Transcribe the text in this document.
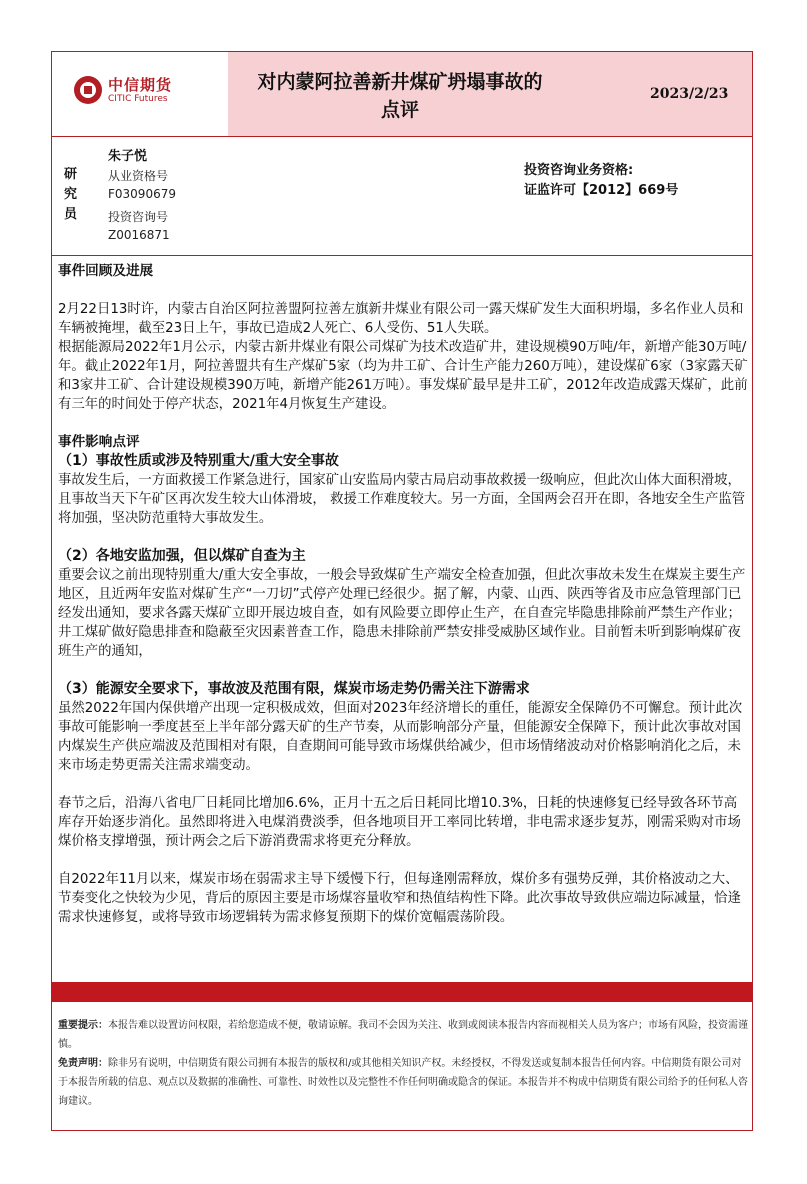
中信期货
CITIC Futures
对内蒙阿拉善新井煤矿坍塌事故的
点评
2023/2/23
研
究
员
朱子悦
从业资格号
F03090679
投资咨询号
Z0016871
投资咨询业务资格:
证监许可【2012】669号

事件回顾及进展

2月22日13时许，内蒙古自治区阿拉善盟阿拉善左旗新井煤业有限公司一露天煤矿发生大面积坍塌，多名作业人员和车辆被掩埋，截至23日上午，事故已造成2人死亡、6人受伤、51人失联。

根据能源局2022年1月公示，内蒙古新井煤业有限公司煤矿为技术改造矿井，建设规模90万吨/年，新增产能30万吨/年。截止2022年1月，阿拉善盟共有生产煤矿5家（均为井工矿、合计生产能力260万吨），建设煤矿6家（3家露天矿和3家井工矿、合计建设规模390万吨，新增产能261万吨）。事发煤矿最早是井工矿，2012年改造成露天煤矿，此前有三年的时间处于停产状态，2021年4月恢复生产建设。

事件影响点评

（1）事故性质或涉及特别重大/重大安全事故

事故发生后，一方面救援工作紧急进行，国家矿山安监局内蒙古局启动事故救援一级响应，但此次山体大面积滑坡，且事故当天下午矿区再次发生较大山体滑坡， 救援工作难度较大。另一方面，全国两会召开在即，各地安全生产监管将加强，坚决防范重特大事故发生。

（2）各地安监加强，但以煤矿自查为主

重要会议之前出现特别重大/重大安全事故，一般会导致煤矿生产端安全检查加强，但此次事故未发生在煤炭主要生产地区，且近两年安监对煤矿生产“一刀切”式停产处理已经很少。据了解，内蒙、山西、陕西等省及市应急管理部门已经发出通知，要求各露天煤矿立即开展边坡自查，如有风险要立即停止生产，在自查完毕隐患排除前严禁生产作业；井工煤矿做好隐患排查和隐蔽至灾因素普查工作，隐患未排除前严禁安排受威胁区域作业。目前暂未听到影响煤矿夜班生产的通知，

（3）能源安全要求下，事故波及范围有限，煤炭市场走势仍需关注下游需求

虽然2022年国内保供增产出现一定积极成效，但面对2023年经济增长的重任，能源安全保障仍不可懈怠。预计此次事故可能影响一季度甚至上半年部分露天矿的生产节奏，从而影响部分产量，但能源安全保障下，预计此次事故对国内煤炭生产供应端波及范围相对有限，自查期间可能导致市场煤供给减少，但市场情绪波动对价格影响消化之后，未来市场走势更需关注需求端变动。

春节之后，沿海八省电厂日耗同比增加6.6%，正月十五之后日耗同比增10.3%，日耗的快速修复已经导致各环节高库存开始逐步消化。虽然即将进入电煤消费淡季，但各地项目开工率同比转增，非电需求逐步复苏，刚需采购对市场煤价格支撑增强，预计两会之后下游消费需求将更充分释放。

自2022年11月以来，煤炭市场在弱需求主导下缓慢下行，但每逢刚需释放，煤价多有强势反弹，其价格波动之大、节奏变化之快较为少见，背后的原因主要是市场煤容量收窄和热值结构性下降。此次事故导致供应端边际减量，恰逢需求快速修复，或将导致市场逻辑转为需求修复预期下的煤价宽幅震荡阶段。

重要提示：本报告难以设置访问权限，若给您造成不便，敬请谅解。我司不会因为关注、收到或阅读本报告内容而视相关人员为客户；市场有风险，投资需谨慎。
免责声明：除非另有说明，中信期货有限公司拥有本报告的版权和/或其他相关知识产权。未经授权，不得发送或复制本报告任何内容。中信期货有限公司对于本报告所载的信息、观点以及数据的准确性、可靠性、时效性以及完整性不作任何明确或隐含的保证。本报告并不构成中信期货有限公司给予的任何私人咨询建议。
